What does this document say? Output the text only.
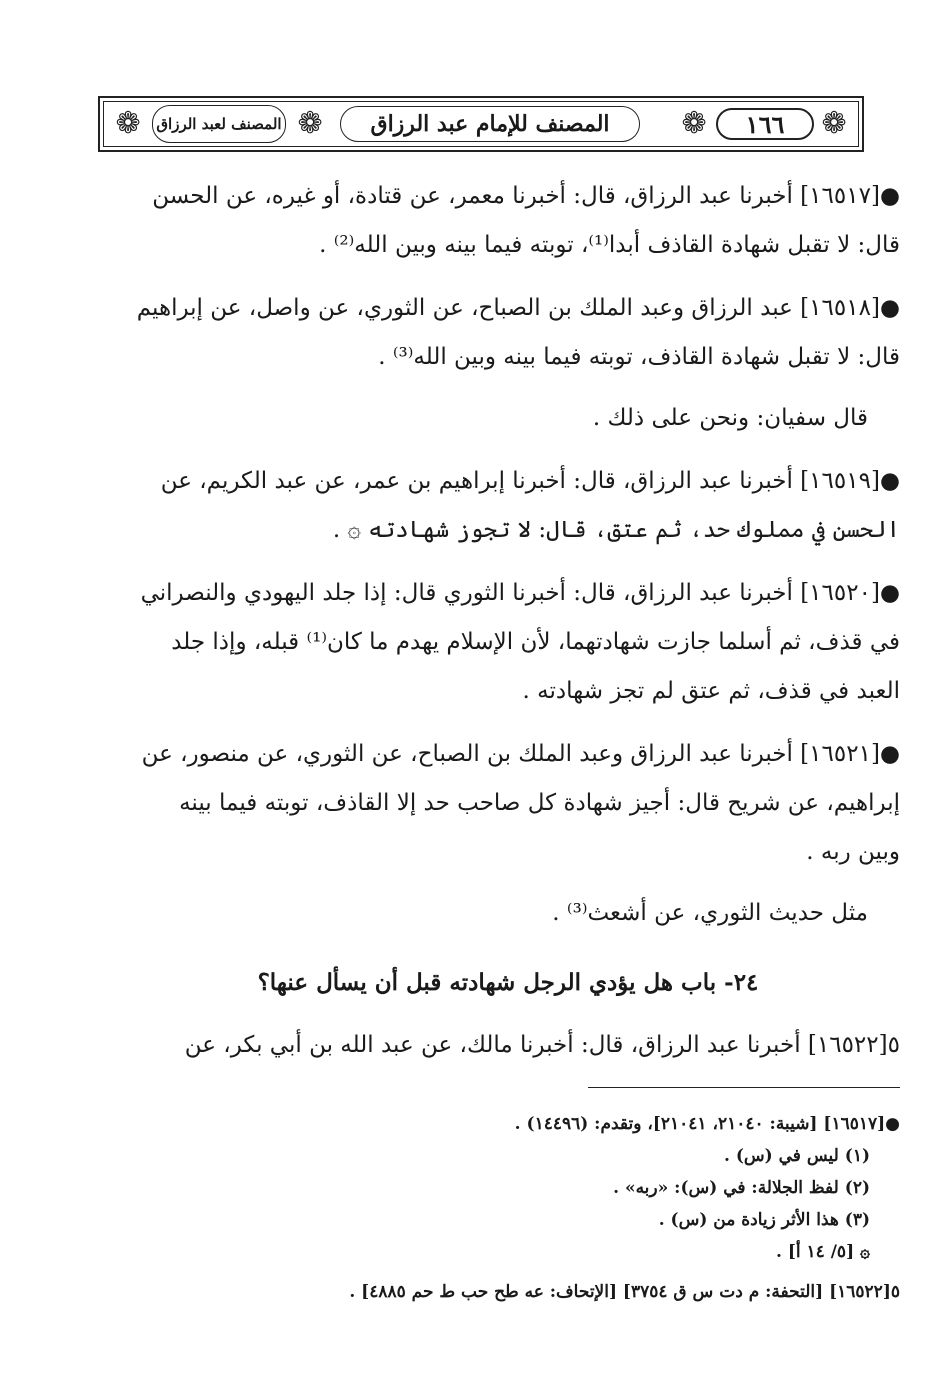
❁
١٦٦
❁
المصنف للإمام عبد الرزاق
❁
المصنف لعبد الرزاق
❁

●[١٦٥١٧] أخبرنا عبد الرزاق، قال: أخبرنا معمر، عن قتادة، أو غيره، عن الحسن

قال: لا تقبل شهادة القاذف أبدا⁽¹⁾، توبته فيما بينه وبين الله⁽²⁾ .

●[١٦٥١٨] عبد الرزاق وعبد الملك بن الصباح، عن الثوري، عن واصل، عن إبراهيم

قال: لا تقبل شهادة القاذف، توبته فيما بينه وبين الله⁽³⁾ .

قال سفيان: ونحن على ذلك .

●[١٦٥١٩] أخبرنا عبد الرزاق، قال: أخبرنا إبراهيم بن عمر، عن عبد الكريم، عن

الحسن في مملوك حد، ثم عتق، قال: لا تجوز شهادته ۞ .

●[١٦٥٢٠] أخبرنا عبد الرزاق، قال: أخبرنا الثوري قال: إذا جلد اليهودي والنصراني

في قذف، ثم أسلما جازت شهادتهما، لأن الإسلام يهدم ما كان⁽¹⁾ قبله، وإذا جلد

العبد في قذف، ثم عتق لم تجز شهادته .

●[١٦٥٢١] أخبرنا عبد الرزاق وعبد الملك بن الصباح، عن الثوري، عن منصور، عن

إبراهيم، عن شريح قال: أجيز شهادة كل صاحب حد إلا القاذف، توبته فيما بينه

وبين ربه .

مثل حديث الثوري، عن أشعث⁽³⁾ .

٢٤- باب هل يؤدي الرجل شهادته قبل أن يسأل عنها؟

٥[١٦٥٢٢] أخبرنا عبد الرزاق، قال: أخبرنا مالك، عن عبد الله بن أبي بكر، عن

●[١٦٥١٧] [شيبة: ٢١٠٤٠، ٢١٠٤١]، وتقدم: (١٤٤٩٦) .
(١) ليس في (س) .
(٢) لفظ الجلالة: في (س): «ربه» .
(٣) هذا الأثر زيادة من (س) .
۞ [٥/ ١٤ أ] .
٥[١٦٥٢٢] [التحفة: م دت س ق ٣٧٥٤] [الإتحاف: عه طح حب ط حم ٤٨٨٥] .
